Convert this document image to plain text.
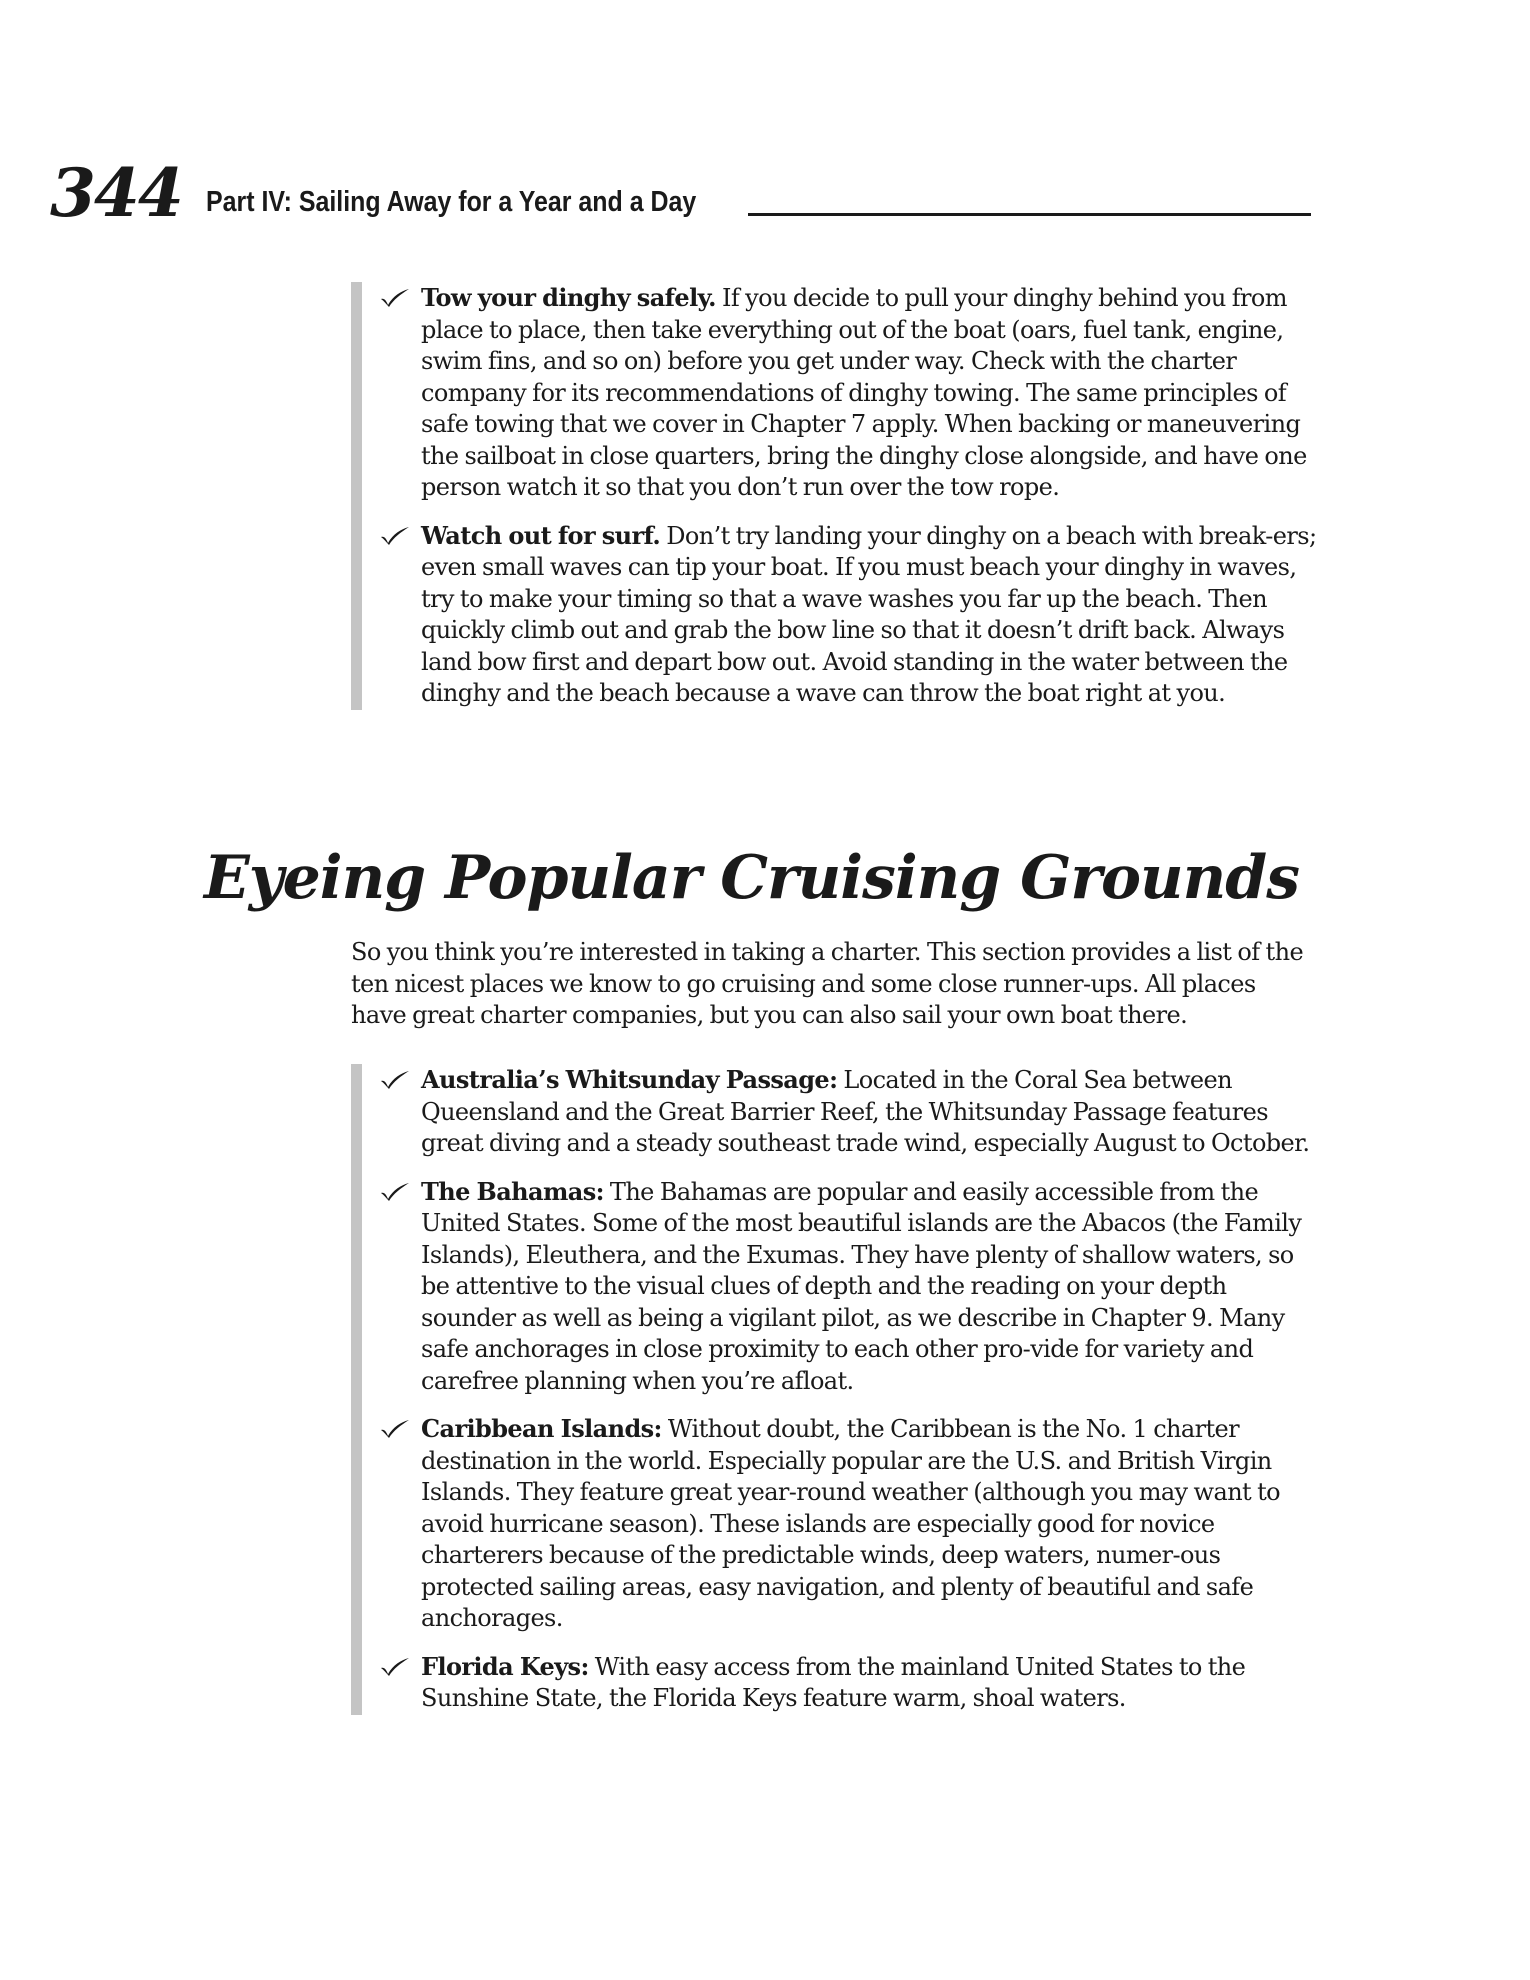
344 Part IV: Sailing Away for a Year and a Day
Tow your dinghy safely. If you decide to pull your dinghy behind you from place to place, then take everything out of the boat (oars, fuel tank, engine, swim fins, and so on) before you get under way. Check with the charter company for its recommendations of dinghy towing. The same principles of safe towing that we cover in Chapter 7 apply. When backing or maneuvering the sailboat in close quarters, bring the dinghy close alongside, and have one person watch it so that you don’t run over the tow rope.
Watch out for surf. Don’t try landing your dinghy on a beach with break-ers; even small waves can tip your boat. If you must beach your dinghy in waves, try to make your timing so that a wave washes you far up the beach. Then quickly climb out and grab the bow line so that it doesn’t drift back. Always land bow first and depart bow out. Avoid standing in the water between the dinghy and the beach because a wave can throw the boat right at you.
Eyeing Popular Cruising Grounds

So you think you’re interested in taking a charter. This section provides a list of the ten nicest places we know to go cruising and some close runner-ups. All places have great charter companies, but you can also sail your own boat there.

Australia’s Whitsunday Passage: Located in the Coral Sea between Queensland and the Great Barrier Reef, the Whitsunday Passage features great diving and a steady southeast trade wind, especially August to October.
The Bahamas: The Bahamas are popular and easily accessible from the United States. Some of the most beautiful islands are the Abacos (the Family Islands), Eleuthera, and the Exumas. They have plenty of shallow waters, so be attentive to the visual clues of depth and the reading on your depth sounder as well as being a vigilant pilot, as we describe in Chapter 9. Many safe anchorages in close proximity to each other pro-vide for variety and carefree planning when you’re afloat.
Caribbean Islands: Without doubt, the Caribbean is the No. 1 charter destination in the world. Especially popular are the U.S. and British Virgin Islands. They feature great year-round weather (although you may want to avoid hurricane season). These islands are especially good for novice charterers because of the predictable winds, deep waters, numer-ous protected sailing areas, easy navigation, and plenty of beautiful and safe anchorages.
Florida Keys: With easy access from the mainland United States to the Sunshine State, the Florida Keys feature warm, shoal waters.
